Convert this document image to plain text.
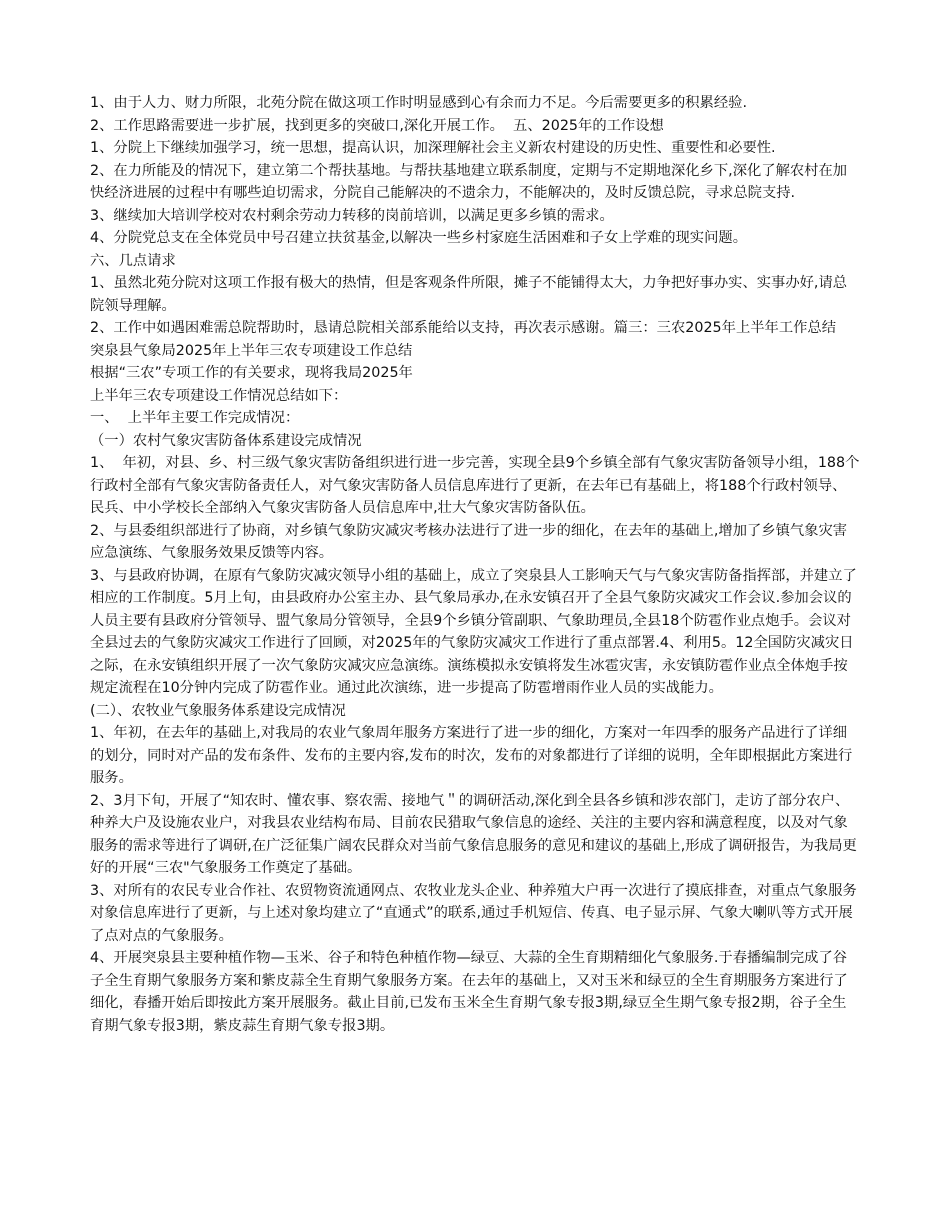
1、由于人力、财力所限，北苑分院在做这项工作时明显感到心有余而力不足。今后需要更多的积累经验.

2、工作思路需要进一步扩展，找到更多的突破口,深化开展工作。  五、2025年的工作设想

1、分院上下继续加强学习，统一思想，提高认识，加深理解社会主义新农村建设的历史性、重要性和必要性.

2、在力所能及的情况下，建立第二个帮扶基地。与帮扶基地建立联系制度，定期与不定期地深化乡下,深化了解农村在加快经济进展的过程中有哪些迫切需求，分院自己能解决的不遗余力，不能解决的，及时反馈总院，寻求总院支持.

3、继续加大培训学校对农村剩余劳动力转移的岗前培训，以满足更多乡镇的需求。

4、分院党总支在全体党员中号召建立扶贫基金,以解决一些乡村家庭生活困难和子女上学难的现实问题。

六、几点请求

1、虽然北苑分院对这项工作报有极大的热情，但是客观条件所限，摊子不能铺得太大，力争把好事办实、实事办好,请总院领导理解。

2、工作中如遇困难需总院帮助时，恳请总院相关部系能给以支持，再次表示感谢。篇三：三农2025年上半年工作总结

突泉县气象局2025年上半年三农专项建设工作总结

根据“三农”专项工作的有关要求，现将我局2025年

上半年三农专项建设工作情况总结如下：

一、  上半年主要工作完成情况：

（一）农村气象灾害防备体系建设完成情况

1、  年初，对县、乡、村三级气象灾害防备组织进行进一步完善，实现全县9个乡镇全部有气象灾害防备领导小组，188个行政村全部有气象灾害防备责任人，对气象灾害防备人员信息库进行了更新，在去年已有基础上，将188个行政村领导、民兵、中小学校长全部纳入气象灾害防备人员信息库中,壮大气象灾害防备队伍。

2、与县委组织部进行了协商，对乡镇气象防灾减灾考核办法进行了进一步的细化，在去年的基础上,增加了乡镇气象灾害应急演练、气象服务效果反馈等内容。

3、与县政府协调，在原有气象防灾减灾领导小组的基础上，成立了突泉县人工影响天气与气象灾害防备指挥部，并建立了相应的工作制度。5月上旬，由县政府办公室主办、县气象局承办,在永安镇召开了全县气象防灾减灾工作会议.参加会议的人员主要有县政府分管领导、盟气象局分管领导，全县9个乡镇分管副职、气象助理员,全县18个防雹作业点炮手。会议对全县过去的气象防灾减灾工作进行了回顾，对2025年的气象防灾减灾工作进行了重点部署.4、利用5。12全国防灾减灾日之际，在永安镇组织开展了一次气象防灾减灾应急演练。演练模拟永安镇将发生冰雹灾害，永安镇防雹作业点全体炮手按规定流程在10分钟内完成了防雹作业。通过此次演练，进一步提高了防雹增雨作业人员的实战能力。

(二）、农牧业气象服务体系建设完成情况

1、年初，在去年的基础上,对我局的农业气象周年服务方案进行了进一步的细化，方案对一年四季的服务产品进行了详细的划分，同时对产品的发布条件、发布的主要内容,发布的时次，发布的对象都进行了详细的说明，全年即根据此方案进行服务。

2、3月下旬，开展了“知农时、懂农事、察农需、接地气＂的调研活动,深化到全县各乡镇和涉农部门，走访了部分农户、种养大户及设施农业户，对我县农业结构布局、目前农民猎取气象信息的途经、关注的主要内容和满意程度，以及对气象服务的需求等进行了调研,在广泛征集广阔农民群众对当前气象信息服务的意见和建议的基础上,形成了调研报告，为我局更好的开展“三农"气象服务工作奠定了基础。

3、对所有的农民专业合作社、农贸物资流通网点、农牧业龙头企业、种养殖大户再一次进行了摸底排查，对重点气象服务对象信息库进行了更新，与上述对象均建立了“直通式”的联系,通过手机短信、传真、电子显示屏、气象大喇叭等方式开展了点对点的气象服务。

4、开展突泉县主要种植作物—玉米、谷子和特色种植作物—绿豆、大蒜的全生育期精细化气象服务.于春播编制完成了谷子全生育期气象服务方案和紫皮蒜全生育期气象服务方案。在去年的基础上，又对玉米和绿豆的全生育期服务方案进行了细化，春播开始后即按此方案开展服务。截止目前,已发布玉米全生育期气象专报3期,绿豆全生期气象专报2期，谷子全生育期气象专报3期，紫皮蒜生育期气象专报3期。
